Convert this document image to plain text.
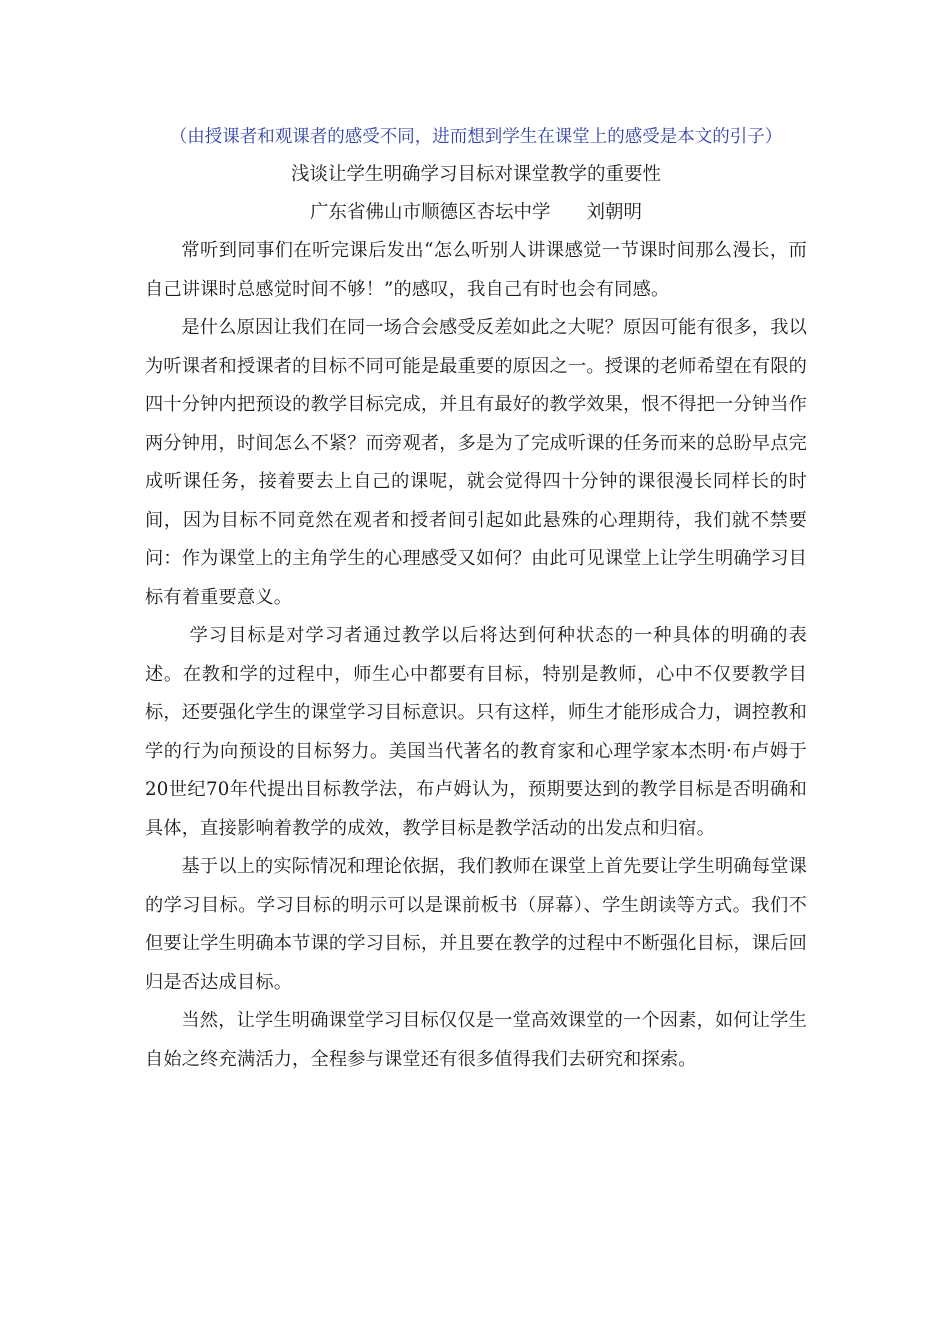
（由授课者和观课者的感受不同，进而想到学生在课堂上的感受是本文的引子）

浅谈让学生明确学习目标对课堂教学的重要性

广东省佛山市顺德区杏坛中学 刘朝明

常听到同事们在听完课后发出“怎么听别人讲课感觉一节课时间那么漫长，而自己讲课时总感觉时间不够！”的感叹，我自己有时也会有同感。

是什么原因让我们在同一场合会感受反差如此之大呢？原因可能有很多，我以为听课者和授课者的目标不同可能是最重要的原因之一。授课的老师希望在有限的四十分钟内把预设的教学目标完成，并且有最好的教学效果，恨不得把一分钟当作两分钟用，时间怎么不紧？而旁观者，多是为了完成听课的任务而来的总盼早点完成听课任务，接着要去上自己的课呢，就会觉得四十分钟的课很漫长同样长的时间，因为目标不同竟然在观者和授者间引起如此悬殊的心理期待，我们就不禁要问：作为课堂上的主角学生的心理感受又如何？由此可见课堂上让学生明确学习目标有着重要意义。

学习目标是对学习者通过教学以后将达到何种状态的一种具体的明确的表述。在教和学的过程中，师生心中都要有目标，特别是教师，心中不仅要教学目标，还要强化学生的课堂学习目标意识。只有这样，师生才能形成合力，调控教和学的行为向预设的目标努力。美国当代著名的教育家和心理学家本杰明·布卢姆于20世纪70年代提出目标教学法，布卢姆认为，预期要达到的教学目标是否明确和具体，直接影响着教学的成效，教学目标是教学活动的出发点和归宿。

基于以上的实际情况和理论依据，我们教师在课堂上首先要让学生明确每堂课的学习目标。学习目标的明示可以是课前板书（屏幕）、学生朗读等方式。我们不但要让学生明确本节课的学习目标，并且要在教学的过程中不断强化目标，课后回归是否达成目标。

当然，让学生明确课堂学习目标仅仅是一堂高效课堂的一个因素，如何让学生自始之终充满活力，全程参与课堂还有很多值得我们去研究和探索。
